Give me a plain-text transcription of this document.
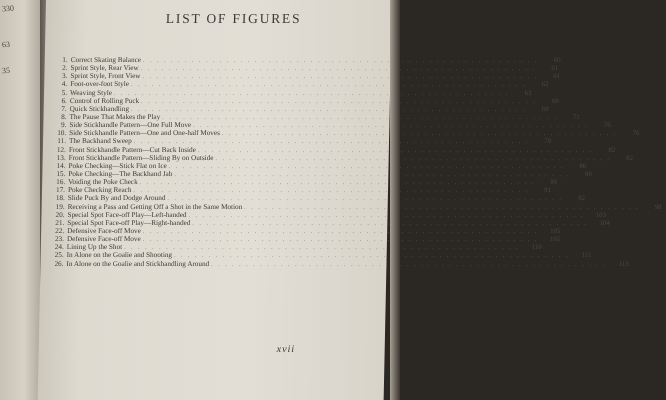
330
63
35
LIST OF FIGURES
1. Correct Skating Balance . . .	60
2. Sprint Style, Rear View . . .	61
3. Sprint Style, Front View . . .	61
4. Foot-over-foot Style . . .	62
5. Weaving Style . . .	63
6. Control of Rolling Puck . . .	69
7. Quick Stickhandling . . .	69
8. The Pause That Makes the Play . . .	71
9. Side Stickhandle Pattern—One Full Move . . .	76
10. Side Stickhandle Pattern—One and One-half Moves . . .	76
11. The Backhand Sweep . . .	79
12. Front Stickhandle Pattern—Cut Back Inside . . .	82
13. Front Stickhandle Pattern—Sliding By on Outside . . .	82
14. Poke Checking—Stick Flat on Ice . . .	86
15. Poke Checking—The Backhand Jab . . .	88
16. Voiding the Poke Check . . .	89
17. Poke Checking Reach . . .	91
18. Slide Puck By and Dodge Around . . .	92
19. Receiving a Pass and Getting Off a Shot in the Same Motion . . .	98
20. Special Spot Face-off Play—Left-handed . . .	103
21. Special Spot Face-off Play—Right-handed . . .	104
22. Defensive Face-off Move . . .	105
23. Defensive Face-off Move . . .	105
24. Lining Up the Shot . . .	110
25. In Alone on the Goalie and Shooting . . .	111
26. In Alone on the Goalie and Stickhandling Around . . .	113
xvii
